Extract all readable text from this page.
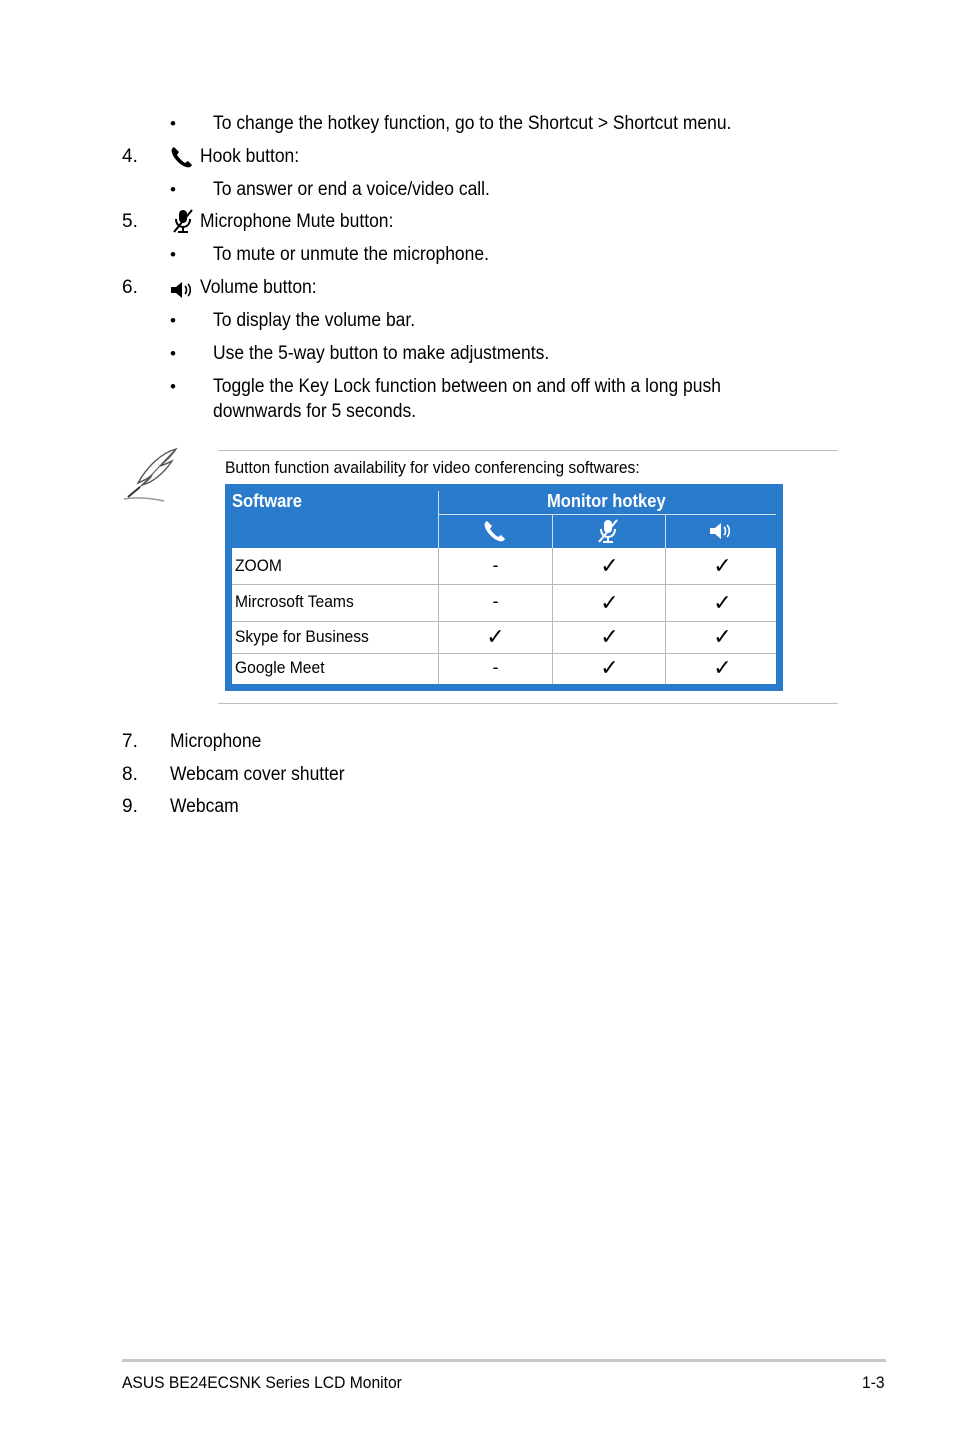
• To change the hotkey function, go to the Shortcut > Shortcut menu.
4.	Hook button:
• To answer or end a voice/video call.
5.	Microphone Mute button:
• To mute or unmute the microphone.
6.	Volume button:
• To display the volume bar.
• Use the 5-way button to make adjustments.
• Toggle the Key Lock function between on and off with a long push
downwards for 5 seconds.
Button function availability for video conferencing softwares:
Software	Monitor hotkey
ZOOM	-	✓	✓
Mircrosoft Teams	-	✓	✓
Skype for Business	✓	✓	✓
Google Meet	-	✓	✓
7. Microphone
8. Webcam cover shutter
9. Webcam
ASUS BE24ECSNK Series LCD Monitor	1-3
